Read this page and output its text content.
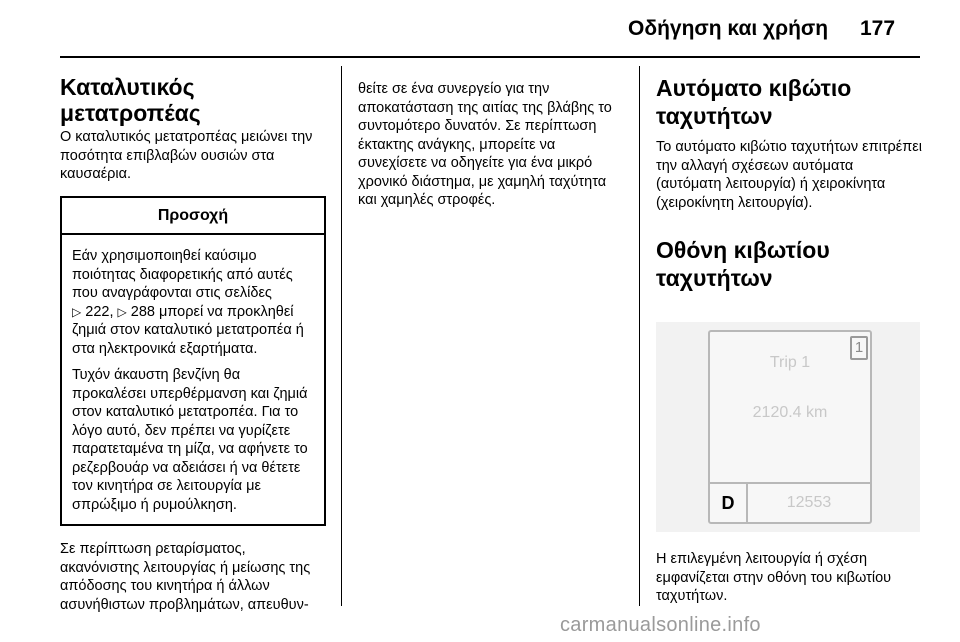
Οδήγηση και χρήση 177
Καταλυτικός μετατροπέας

Ο καταλυτικός μετατροπέας μειώνει την ποσότητα επιβλαβών ουσιών στα καυσαέρια.

Προσοχή

Εάν χρησιμοποιηθεί καύσιμο ποιότητας διαφορετικής από αυτές που αναγράφονται στις σελίδες
▷ 222, ▷ 288 μπορεί να προκληθεί ζημιά στον καταλυτικό μετατροπέα ή στα ηλεκτρονικά εξαρτήματα.

Τυχόν άκαυστη βενζίνη θα προκαλέσει υπερθέρμανση και ζημιά στον καταλυτικό μετατροπέα. Για το λόγο αυτό, δεν πρέπει να γυρίζετε παρατεταμένα τη μίζα, να αφήνετε το ρεζερβουάρ να αδειάσει ή να θέτετε τον κινητήρα σε λειτουργία με σπρώξιμο ή ρυμούλκηση.

Σε περίπτωση ρεταρίσματος, ακανόνιστης λειτουργίας ή μείωσης της απόδοσης του κινητήρα ή άλλων ασυνήθιστων προβλημάτων, απευθυν-

θείτε σε ένα συνεργείο για την αποκατάσταση της αιτίας της βλάβης το συντομότερο δυνατόν. Σε περίπτωση έκτακτης ανάγκης, μπορείτε να συνεχίσετε να οδηγείτε για ένα μικρό χρονικό διάστημα, με χαμηλή ταχύτητα και χαμηλές στροφές.

Αυτόματο κιβώτιο ταχυτήτων

Το αυτόματο κιβώτιο ταχυτήτων επιτρέπει την αλλαγή σχέσεων αυτόματα (αυτόματη λειτουργία) ή χειροκίνητα (χειροκίνητη λειτουργία).

Οθόνη κιβωτίου ταχυτήτων
1
Trip 1
2120.4 km
D	12553

Η επιλεγμένη λειτουργία ή σχέση εμφανίζεται στην οθόνη του κιβωτίου ταχυτήτων.

carmanualsonline.info
